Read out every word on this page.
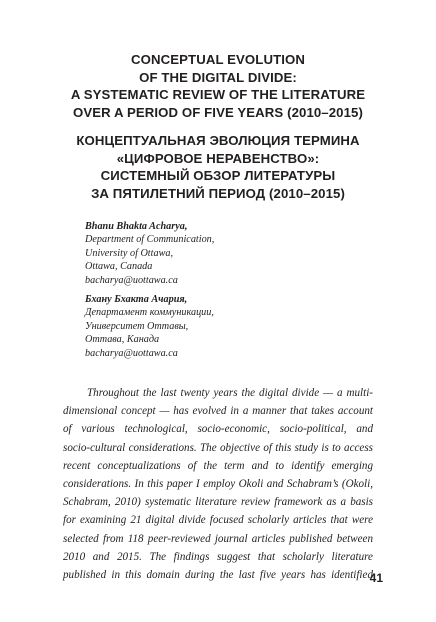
CONCEPTUAL EVOLUTION
OF THE DIGITAL DIVIDE:
A SYSTEMATIC REVIEW OF THE LITERATURE
OVER A PERIOD OF FIVE YEARS (2010–2015)
КОНЦЕПТУАЛЬНАЯ ЭВОЛЮЦИЯ ТЕРМИНА
«ЦИФРОВОЕ НЕРАВЕНСТВО»:
СИСТЕМНЫЙ ОБЗОР ЛИТЕРАТУРЫ
ЗА ПЯТИЛЕТНИЙ ПЕРИОД (2010–2015)
Bhanu Bhakta Acharya,
Department of Communication,
University of Ottawa,
Ottawa, Canada
bacharya@uottawa.ca
Бхану Бхакта Ачария,
Департамент коммуникации,
Университет Оттавы,
Оттава, Канада
bacharya@uottawa.ca
Throughout the last twenty years the digital divide — a multi-
dimensional concept — has evolved in a manner that takes account
of various technological, socio-economic, socio-political, and
socio-cultural considerations. The objective of this study is to access
recent conceptualizations of the term and to identify emerging
considerations. In this paper I employ Okoli and Schabram’s (Okoli,
Schabram, 2010) systematic literature review framework as a basis
for examining 21 digital divide focused scholarly articles that were
selected from 118 peer-reviewed journal articles published between
2010 and 2015. The findings suggest that scholarly literature
published in this domain during the last five years has identified
41
